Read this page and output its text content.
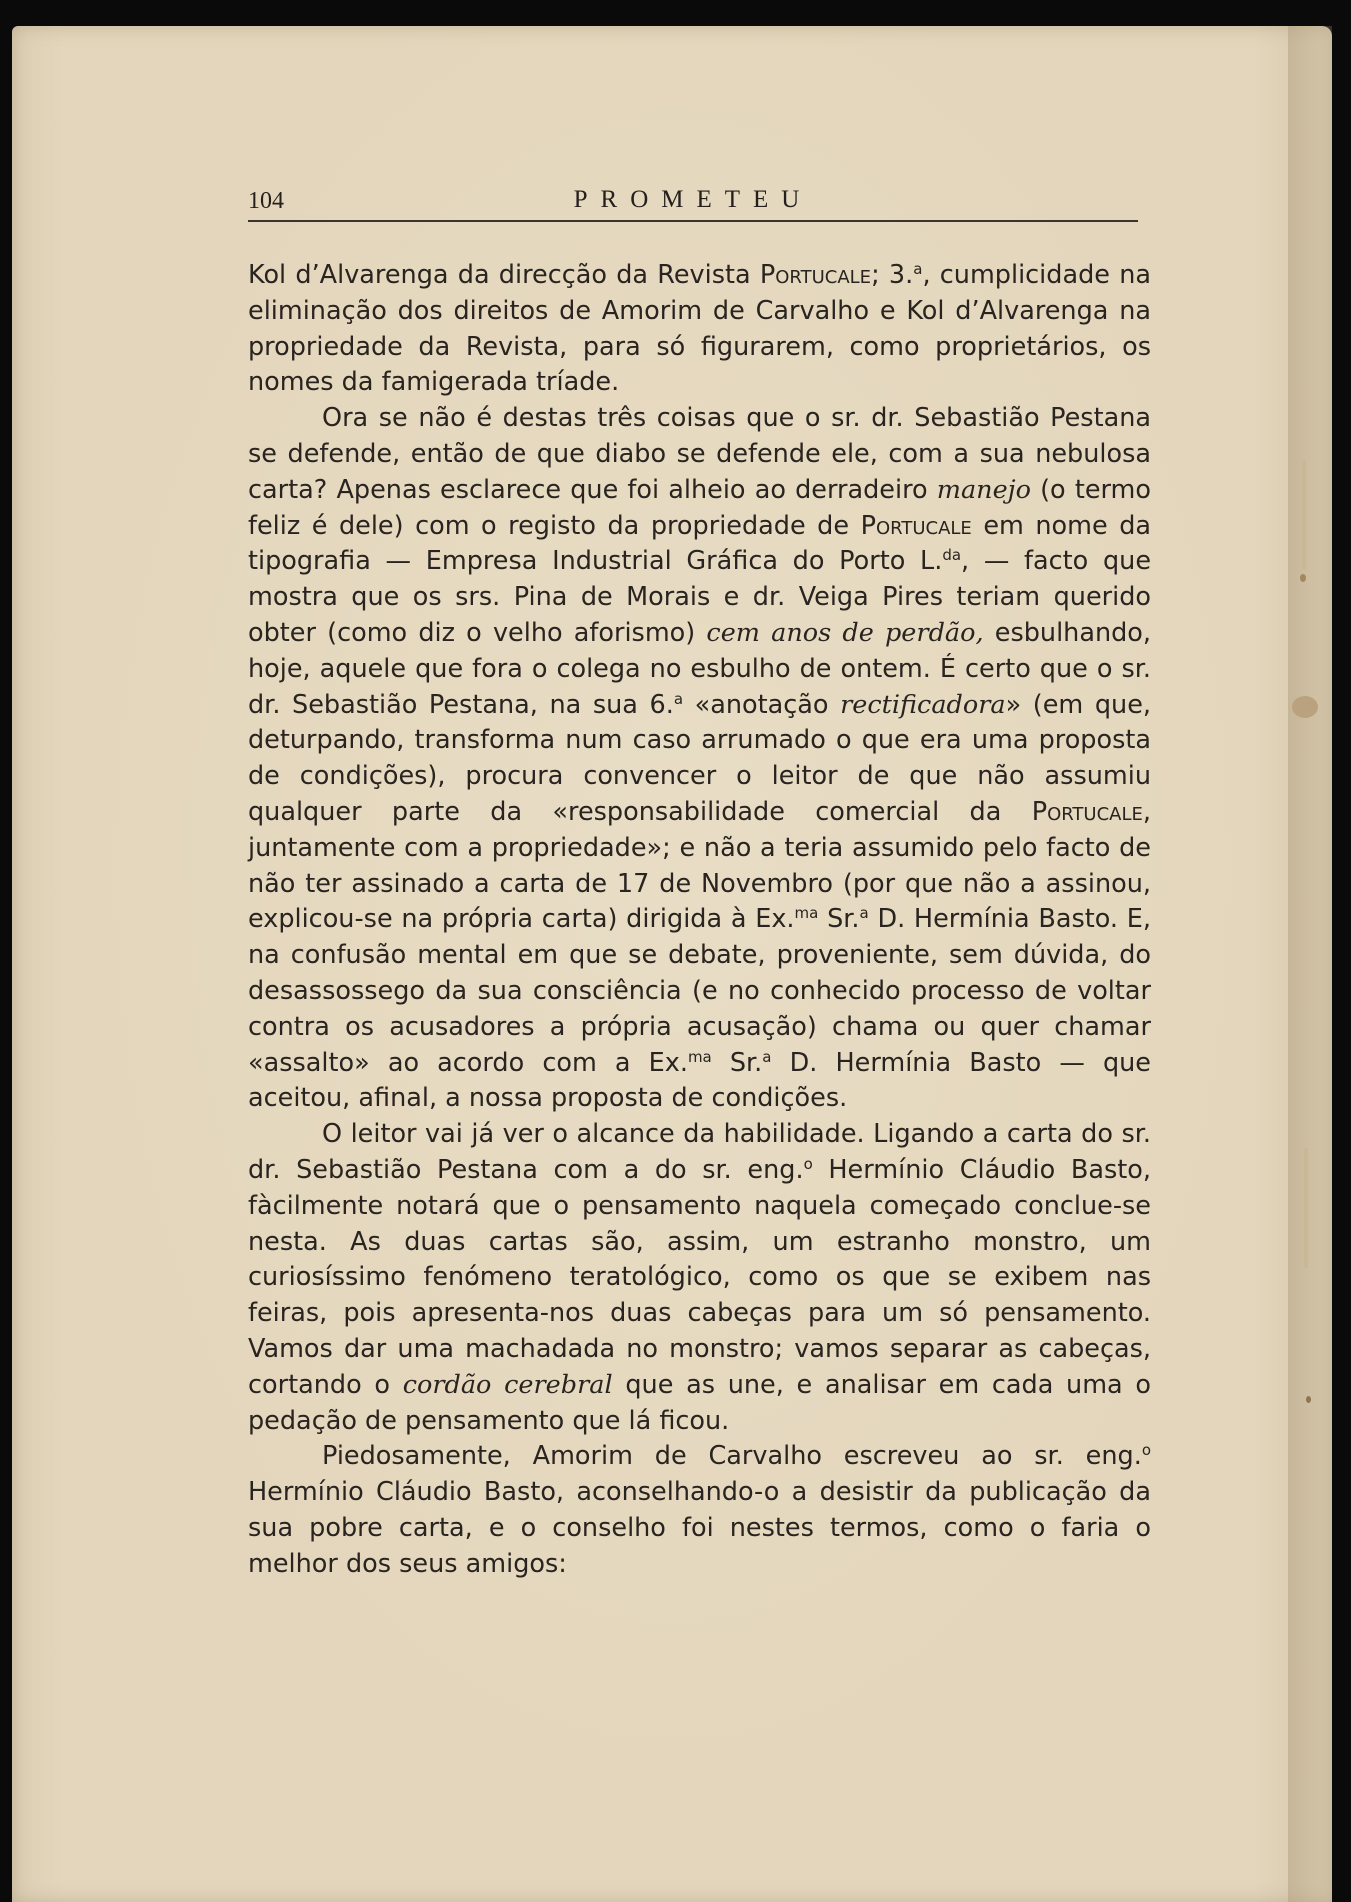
104	PROMETEU

Kol d’Alvarenga da direcção da Revista Portucale; 3.$^a$, cumplicidade na eliminação dos direitos de Amorim de Carvalho e Kol d’Alvarenga na propriedade da Revista, para só figurarem, como proprietários, os nomes da famigerada tríade.

Ora se não é destas três coisas que o sr. dr. Sebastião Pestana se defende, então de que diabo se defende ele, com a sua nebulosa carta? Apenas esclarece que foi alheio ao derradeiro manejo (o termo feliz é dele) com o registo da propriedade de Portucale em nome da tipografia — Empresa Industrial Gráfica do Porto L.$^{da}$, — facto que mostra que os srs. Pina de Morais e dr. Veiga Pires teriam querido obter (como diz o velho aforismo) cem anos de perdão, esbulhando, hoje, aquele que fora o colega no esbulho de ontem. É certo que o sr. dr. Sebastião Pestana, na sua 6.$^a$ «anotação rectificadora» (em que, deturpando, transforma num caso arrumado o que era uma proposta de condições), procura convencer o leitor de que não assumiu qualquer parte da «responsabilidade comercial da Portucale, juntamente com a propriedade»; e não a teria assumido pelo facto de não ter assinado a carta de 17 de Novembro (por que não a assinou, explicou-se na própria carta) dirigida à Ex.$^{ma}$ Sr.$^a$ D. Hermínia Basto. E, na confusão mental em que se debate, proveniente, sem dúvida, do desassossego da sua consciência (e no conhecido processo de voltar contra os acusadores a própria acusação) chama ou quer chamar «assalto» ao acordo com a Ex.$^{ma}$ Sr.$^a$ D. Hermínia Basto — que aceitou, afinal, a nossa proposta de condições.

O leitor vai já ver o alcance da habilidade. Ligando a carta do sr. dr. Sebastião Pestana com a do sr. eng.$^o$ Hermínio Cláudio Basto, fàcilmente notará que o pensamento naquela começado conclue-se nesta. As duas cartas são, assim, um estranho monstro, um curiosíssimo fenómeno teratológico, como os que se exibem nas feiras, pois apresenta-nos duas cabeças para um só pensamento. Vamos dar uma machadada no monstro; vamos separar as cabeças, cortando o cordão cerebral que as une, e analisar em cada uma o pedação de pensamento que lá ficou.

Piedosamente, Amorim de Carvalho escreveu ao sr. eng.$^o$ Hermínio Cláudio Basto, aconselhando-o a desistir da publicação da sua pobre carta, e o conselho foi nestes termos, como o faria o melhor dos seus amigos:
